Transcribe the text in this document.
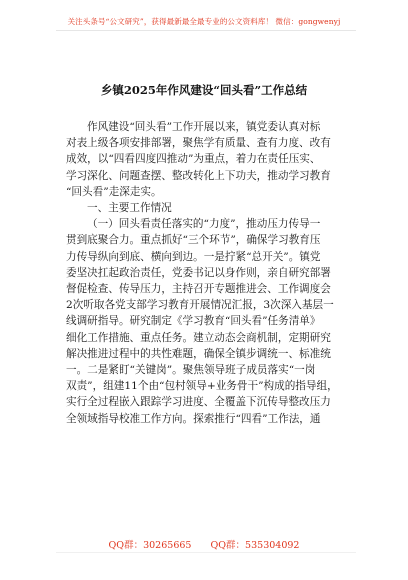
关注头条号“公文研究”，获得最新最全最专业的公文资料库！ 微信：gongwenyj
乡镇2025年作风建设“回头看”工作总结
作风建设“回头看”工作开展以来，镇党委认真对标
对表上级各项安排部署，聚焦学有质量、查有力度、改有
成效，以“四看四度四推动”为重点，着力在责任压实、
学习深化、问题查摆、整改转化上下功夫，推动学习教育
“回头看”走深走实。
一、主要工作情况
（一）回头看责任落实的“力度”，推动压力传导一
贯到底聚合力。重点抓好“三个环节”，确保学习教育压
力传导纵向到底、横向到边。一是拧紧“总开关”。镇党
委坚决扛起政治责任，党委书记以身作则，亲自研究部署
督促检查、传导压力，主持召开专题推进会、工作调度会
2次听取各党支部学习教育开展情况汇报，3次深入基层一
线调研指导。研究制定《学习教育“回头看”任务清单》
细化工作措施、重点任务。建立动态会商机制，定期研究
解决推进过程中的共性难题，确保全镇步调统一、标准统
一。二是紧盯“关键岗”。聚焦领导班子成员落实“一岗
双责”，组建11个由“包村领导+业务骨干”构成的指导组，
实行全过程嵌入跟踪学习进度、全覆盖下沉传导整改压力
全领域指导校准工作方向。探索推行“四看”工作法，通
QQ群：30265665 QQ群：535304092
